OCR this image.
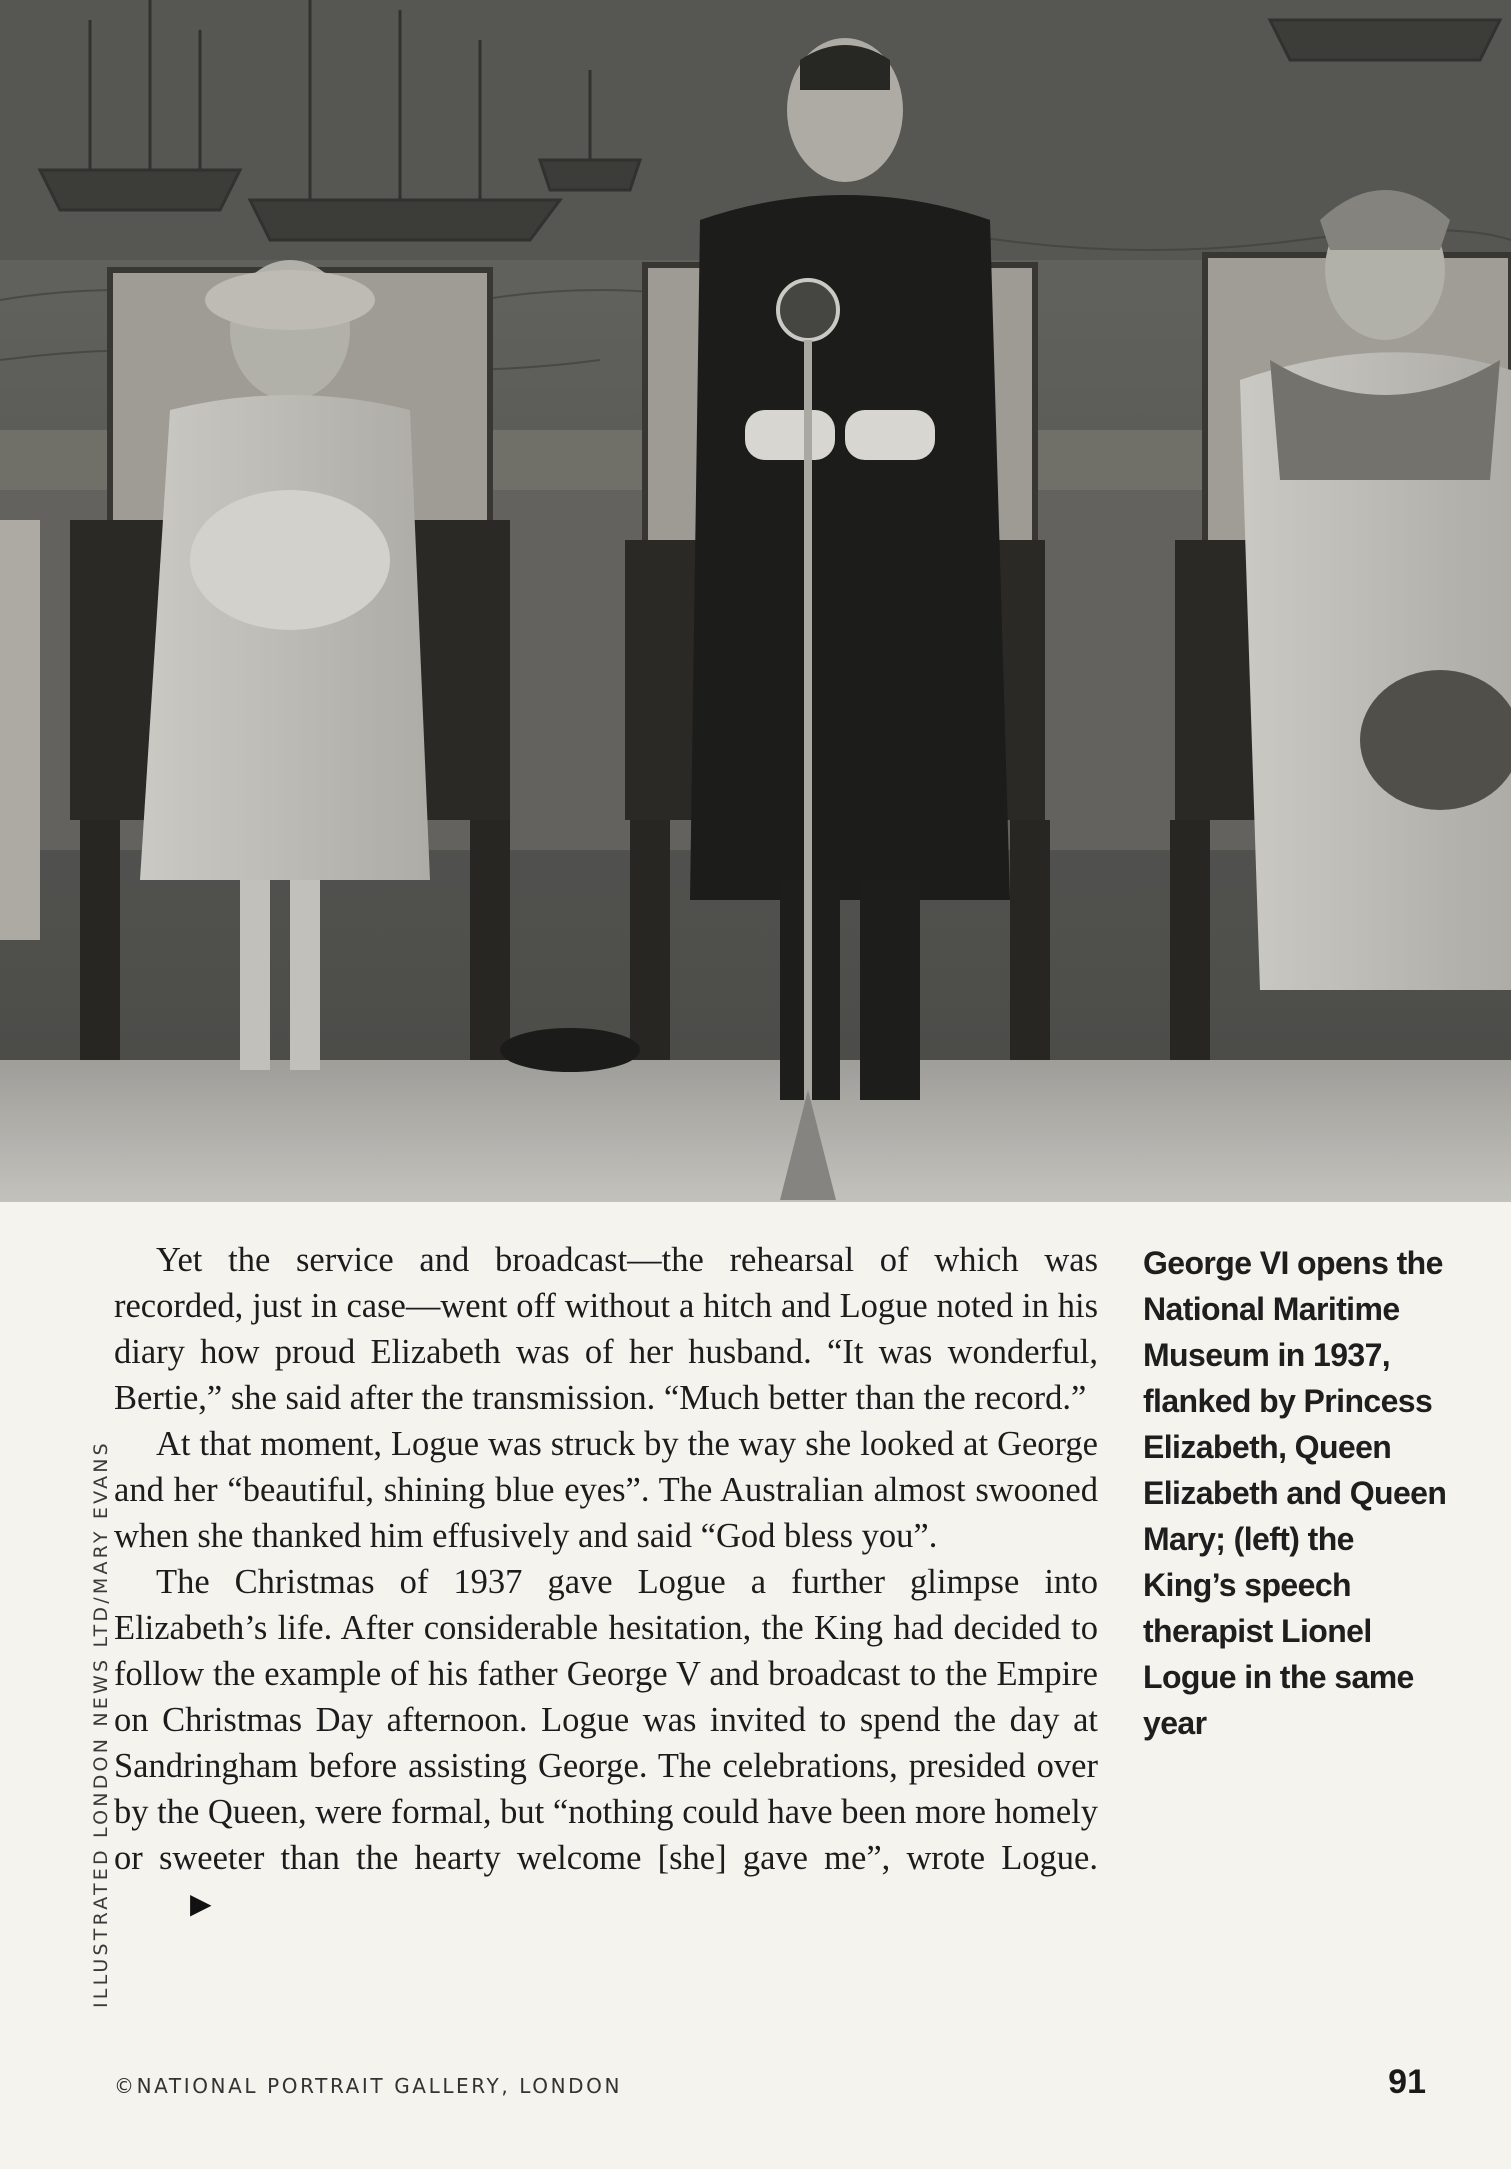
ILLUSTRATED LONDON NEWS LTD/MARY EVANS

Yet the service and broadcast—the rehearsal of which was recorded, just in case—went off without a hitch and Logue noted in his diary how proud Elizabeth was of her husband. “It was wonderful, Bertie,” she said after the transmission. “Much better than the record.”

At that moment, Logue was struck by the way she looked at George and her “beautiful, shining blue eyes”. The Australian almost swooned when she thanked him effusively and said “God bless you”.

The Christmas of 1937 gave Logue a further glimpse into Elizabeth’s life. After considerable hesitation, the King had decided to follow the example of his father George V and broadcast to the Empire on Christmas Day afternoon. Logue was invited to spend the day at Sandringham before assisting George. The celebrations, presided over by the Queen, were formal, but “nothing could have been more homely or sweeter than the hearty welcome [she] gave me”, wrote Logue.▶

George VI opens the National Maritime Museum in 1937, flanked by Princess Elizabeth, Queen Elizabeth and Queen Mary; (left) the King’s speech therapist Lionel Logue in the same year
©NATIONAL PORTRAIT GALLERY, LONDON	91
